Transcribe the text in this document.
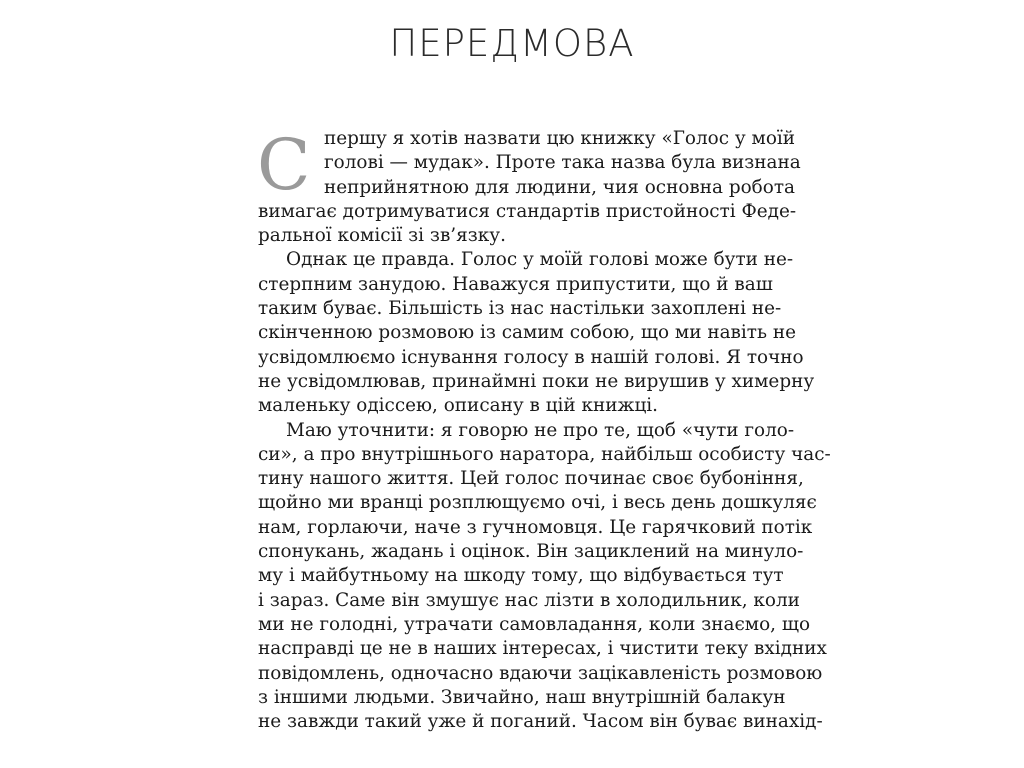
ПЕРЕДМОВА
С першу я хотів назвати цю книжку «Голос у моїй
голові — мудак». Проте така назва була визнана
неприйнятною для людини, чия основна робота
вимагає дотримуватися стандартів пристойності Феде-
ральної комісії зі зв’язку.
Однак це правда. Голос у моїй голові може бути не-
стерпним занудою. Наважуся припустити, що й ваш
таким буває. Більшість із нас настільки захоплені не-
скінченною розмовою із самим собою, що ми навіть не
усвідомлюємо існування голосу в нашій голові. Я точно
не усвідомлював, принаймні поки не вирушив у химерну
маленьку одіссею, описану в цій книжці.
Маю уточнити: я говорю не про те, щоб «чути голо-
си», а про внутрішнього наратора, найбільш особисту час-
тину нашого життя. Цей голос починає своє бубоніння,
щойно ми вранці розплющуємо очі, і весь день дошкуляє
нам, горлаючи, наче з гучномовця. Це гарячковий потік
спонукань, жадань і оцінок. Він зациклений на минуло-
му і майбутньому на шкоду тому, що відбувається тут
і зараз. Саме він змушує нас лізти в холодильник, коли
ми не голодні, утрачати самовладання, коли знаємо, що
насправді це не в наших інтересах, і чистити теку вхідних
повідомлень, одночасно вдаючи зацікавленість розмовою
з іншими людьми. Звичайно, наш внутрішній балакун
не завжди такий уже й поганий. Часом він буває винахід-
